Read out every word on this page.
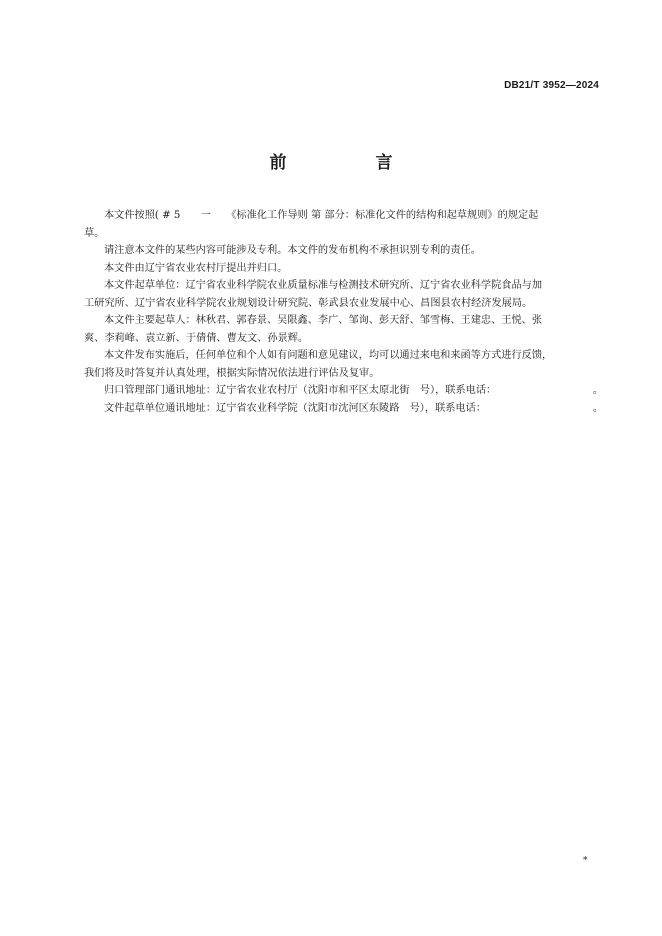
DB21/T 3952—2024
前　言

本文件按照( # 5　　一　　《标准化工作导则 第 部分：标准化文件的结构和起草规则》的规定起
草。

请注意本文件的某些内容可能涉及专利。本文件的发布机构不承担识别专利的责任。

本文件由辽宁省农业农村厅提出并归口。

本文件起草单位：辽宁省农业科学院农业质量标准与检测技术研究所、辽宁省农业科学院食品与加
工研究所、辽宁省农业科学院农业规划设计研究院、彰武县农业发展中心、昌图县农村经济发展局。

本文件主要起草人：林秋君、郭春景、吴限鑫、李广、邹询、彭天舒、邹雪梅、王建忠、王悦、张
爽、李莉峰、袁立新、于倩倩、曹友文、孙景辉。

本文件发布实施后，任何单位和个人如有问题和意见建议，均可以通过来电和来函等方式进行反馈，
我们将及时答复并认真处理，根据实际情况依法进行评估及复审。

归口管理部门通讯地址：辽宁省农业农村厅（沈阳市和平区太原北街　号），联系电话：	。
文件起草单位通讯地址：辽宁省农业科学院（沈阳市沈河区东陵路　号），联系电话：	。
*
